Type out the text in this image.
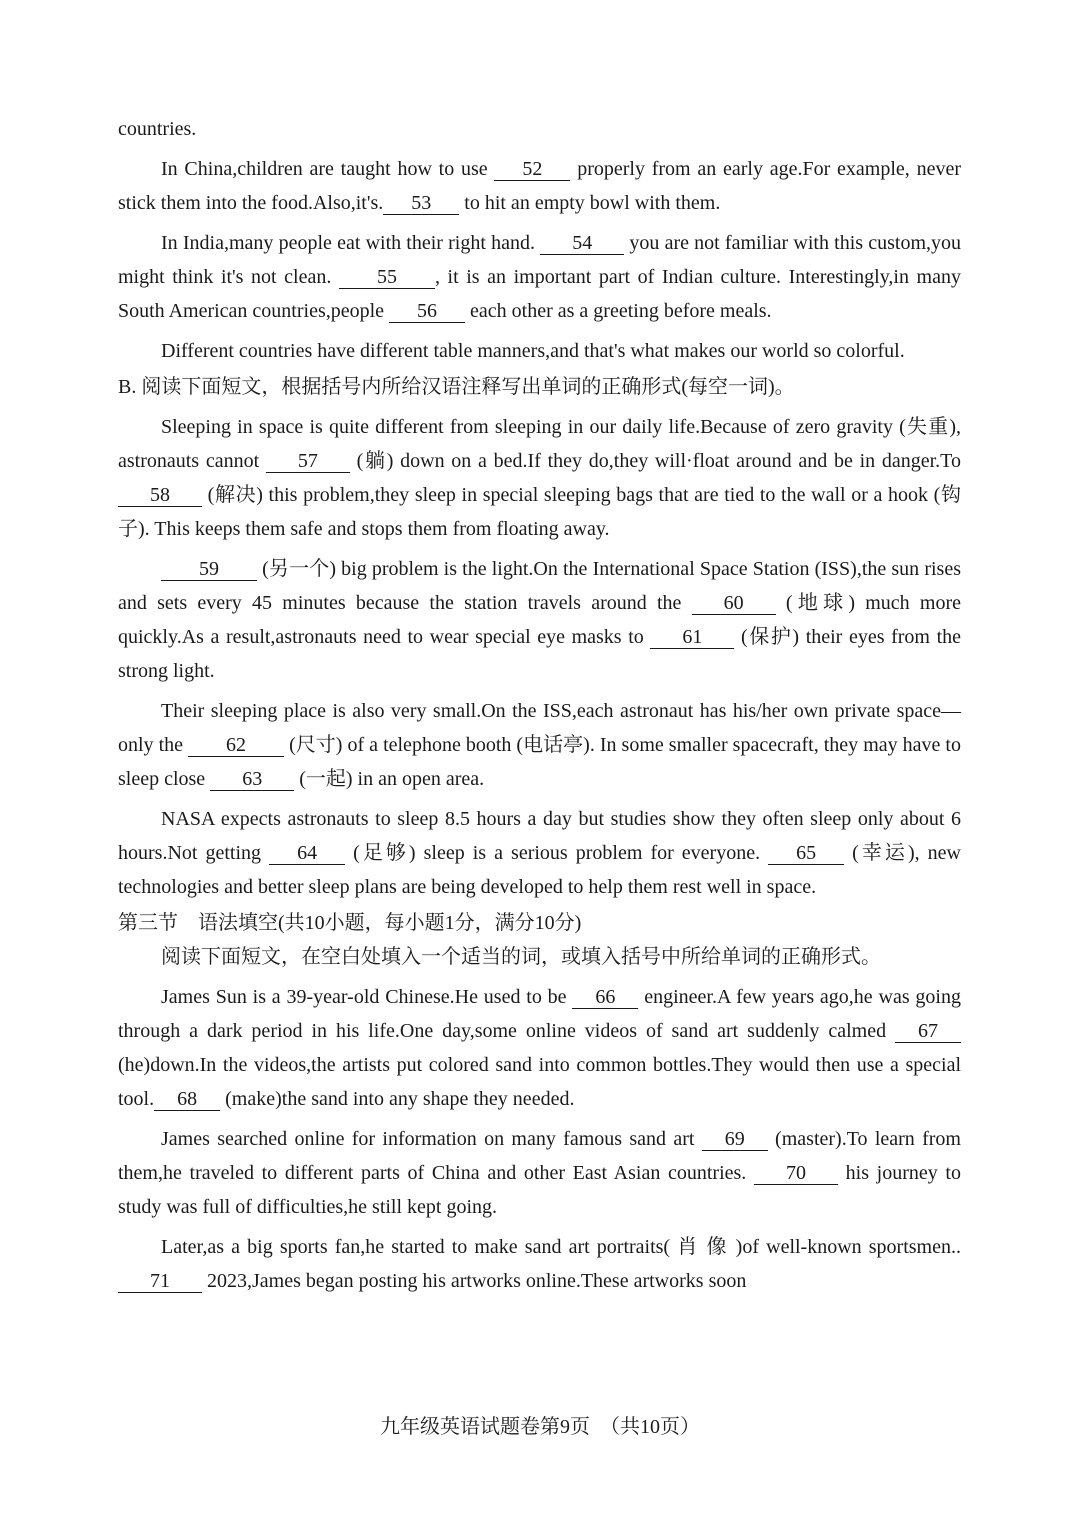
countries.

In China,children are taught how to use 52 properly from an early age.For example, never stick them into the food.Also,it's. 53 to hit an empty bowl with them.

In India,many people eat with their right hand. 54 you are not familiar with this custom,you might think it's not clean. 55 , it is an important part of Indian culture. Interestingly,in many South American countries,people 56 each other as a greeting before meals.

Different countries have different table manners,and that's what makes our world so colorful.

B. 阅读下面短文，根据括号内所给汉语注释写出单词的正确形式(每空一词)。

Sleeping in space is quite different from sleeping in our daily life.Because of zero gravity (失重), astronauts cannot 57 (躺) down on a bed.If they do,they will·float around and be in danger.To 58 (解决) this problem,they sleep in special sleeping bags that are tied to the wall or a hook (钩子). This keeps them safe and stops them from floating away.

59 (另一个) big problem is the light.On the International Space Station (ISS),the sun rises and sets every 45 minutes because the station travels around the 60 (地球) much more quickly.As a result,astronauts need to wear special eye masks to 61 (保护) their eyes from the strong light.

Their sleeping place is also very small.On the ISS,each astronaut has his/her own private space—only the 62 (尺寸) of a telephone booth (电话亭). In some smaller spacecraft, they may have to sleep close 63 (一起) in an open area.

NASA expects astronauts to sleep 8.5 hours a day but studies show they often sleep only about 6 hours.Not getting 64 (足够) sleep is a serious problem for everyone. 65 (幸运), new technologies and better sleep plans are being developed to help them rest well in space.

第三节　语法填空(共10小题，每小题1分，满分10分)

阅读下面短文，在空白处填入一个适当的词，或填入括号中所给单词的正确形式。

James Sun is a 39-year-old Chinese.He used to be 66 engineer.A few years ago,he was going through a dark period in his life.One day,some online videos of sand art suddenly calmed 67 (he)down.In the videos,the artists put colored sand into common bottles.They would then use a special tool. 68 (make)the sand into any shape they needed.

James searched online for information on many famous sand art 69 (master).To learn from them,he traveled to different parts of China and other East Asian countries. 70 his journey to study was full of difficulties,he still kept going.

Later,as a big sports fan,he started to make sand art portraits( 肖 像 )of well-known sportsmen.. 71 2023,James began posting his artworks online.These artworks soon

九年级英语试题卷第9页　（共10页）
